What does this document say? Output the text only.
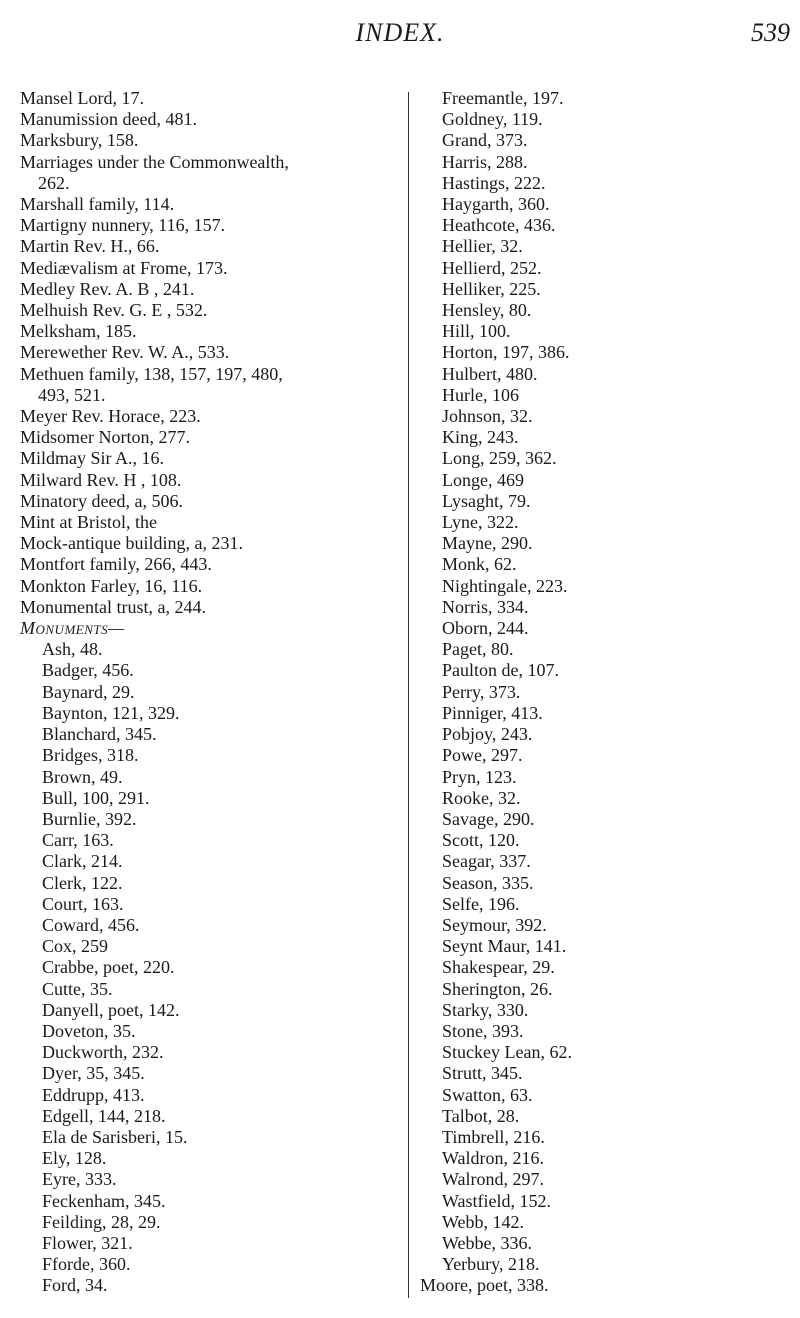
INDEX.	539
Mansel Lord, 17.
Manumission deed, 481.
Marksbury, 158.
Marriages under the Commonwealth,
262.
Marshall family, 114.
Martigny nunnery, 116, 157.
Martin Rev. H., 66.
Mediævalism at Frome, 173.
Medley Rev. A. B , 241.
Melhuish Rev. G. E , 532.
Melksham, 185.
Merewether Rev. W. A., 533.
Methuen family, 138, 157, 197, 480,
493, 521.
Meyer Rev. Horace, 223.
Midsomer Norton, 277.
Mildmay Sir A., 16.
Milward Rev. H , 108.
Minatory deed, a, 506.
Mint at Bristol, the
Mock-antique building, a, 231.
Montfort family, 266, 443.
Monkton Farley, 16, 116.
Monumental trust, a, 244.
Monuments—
Ash, 48.
Badger, 456.
Baynard, 29.
Baynton, 121, 329.
Blanchard, 345.
Bridges, 318.
Brown, 49.
Bull, 100, 291.
Burnlie, 392.
Carr, 163.
Clark, 214.
Clerk, 122.
Court, 163.
Coward, 456.
Cox, 259
Crabbe, poet, 220.
Cutte, 35.
Danyell, poet, 142.
Doveton, 35.
Duckworth, 232.
Dyer, 35, 345.
Eddrupp, 413.
Edgell, 144, 218.
Ela de Sarisberi, 15.
Ely, 128.
Eyre, 333.
Feckenham, 345.
Feilding, 28, 29.
Flower, 321.
Fforde, 360.
Ford, 34.
Freemantle, 197.
Goldney, 119.
Grand, 373.
Harris, 288.
Hastings, 222.
Haygarth, 360.
Heathcote, 436.
Hellier, 32.
Hellierd, 252.
Helliker, 225.
Hensley, 80.
Hill, 100.
Horton, 197, 386.
Hulbert, 480.
Hurle, 106
Johnson, 32.
King, 243.
Long, 259, 362.
Longe, 469
Lysaght, 79.
Lyne, 322.
Mayne, 290.
Monk, 62.
Nightingale, 223.
Norris, 334.
Oborn, 244.
Paget, 80.
Paulton de, 107.
Perry, 373.
Pinniger, 413.
Pobjoy, 243.
Powe, 297.
Pryn, 123.
Rooke, 32.
Savage, 290.
Scott, 120.
Seagar, 337.
Season, 335.
Selfe, 196.
Seymour, 392.
Seynt Maur, 141.
Shakespear, 29.
Sherington, 26.
Starky, 330.
Stone, 393.
Stuckey Lean, 62.
Strutt, 345.
Swatton, 63.
Talbot, 28.
Timbrell, 216.
Waldron, 216.
Walrond, 297.
Wastfield, 152.
Webb, 142.
Webbe, 336.
Yerbury, 218.
Moore, poet, 338.
